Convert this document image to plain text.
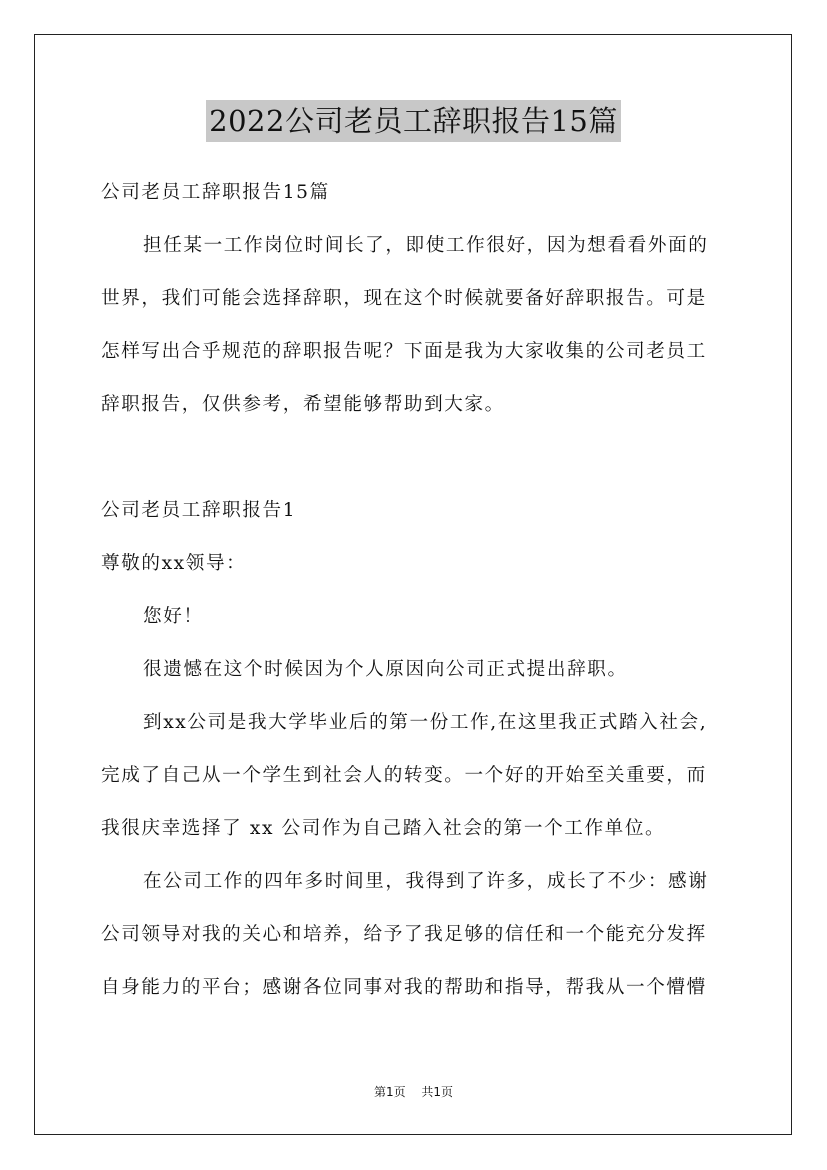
2022公司老员工辞职报告15篇
公司老员工辞职报告15篇
担任某一工作岗位时间长了，即使工作很好，因为想看看外面的
世界，我们可能会选择辞职，现在这个时候就要备好辞职报告。可是
怎样写出合乎规范的辞职报告呢？下面是我为大家收集的公司老员工
辞职报告，仅供参考，希望能够帮助到大家。
公司老员工辞职报告1
尊敬的xx领导：
您好！
很遗憾在这个时候因为个人原因向公司正式提出辞职。
到xx公司是我大学毕业后的第一份工作,在这里我正式踏入社会,
完成了自己从一个学生到社会人的转变。一个好的开始至关重要，而
我很庆幸选择了 xx 公司作为自己踏入社会的第一个工作单位。
在公司工作的四年多时间里，我得到了许多，成长了不少：感谢
公司领导对我的关心和培养，给予了我足够的信任和一个能充分发挥
自身能力的平台；感谢各位同事对我的帮助和指导，帮我从一个懵懵
第1页 共1页
